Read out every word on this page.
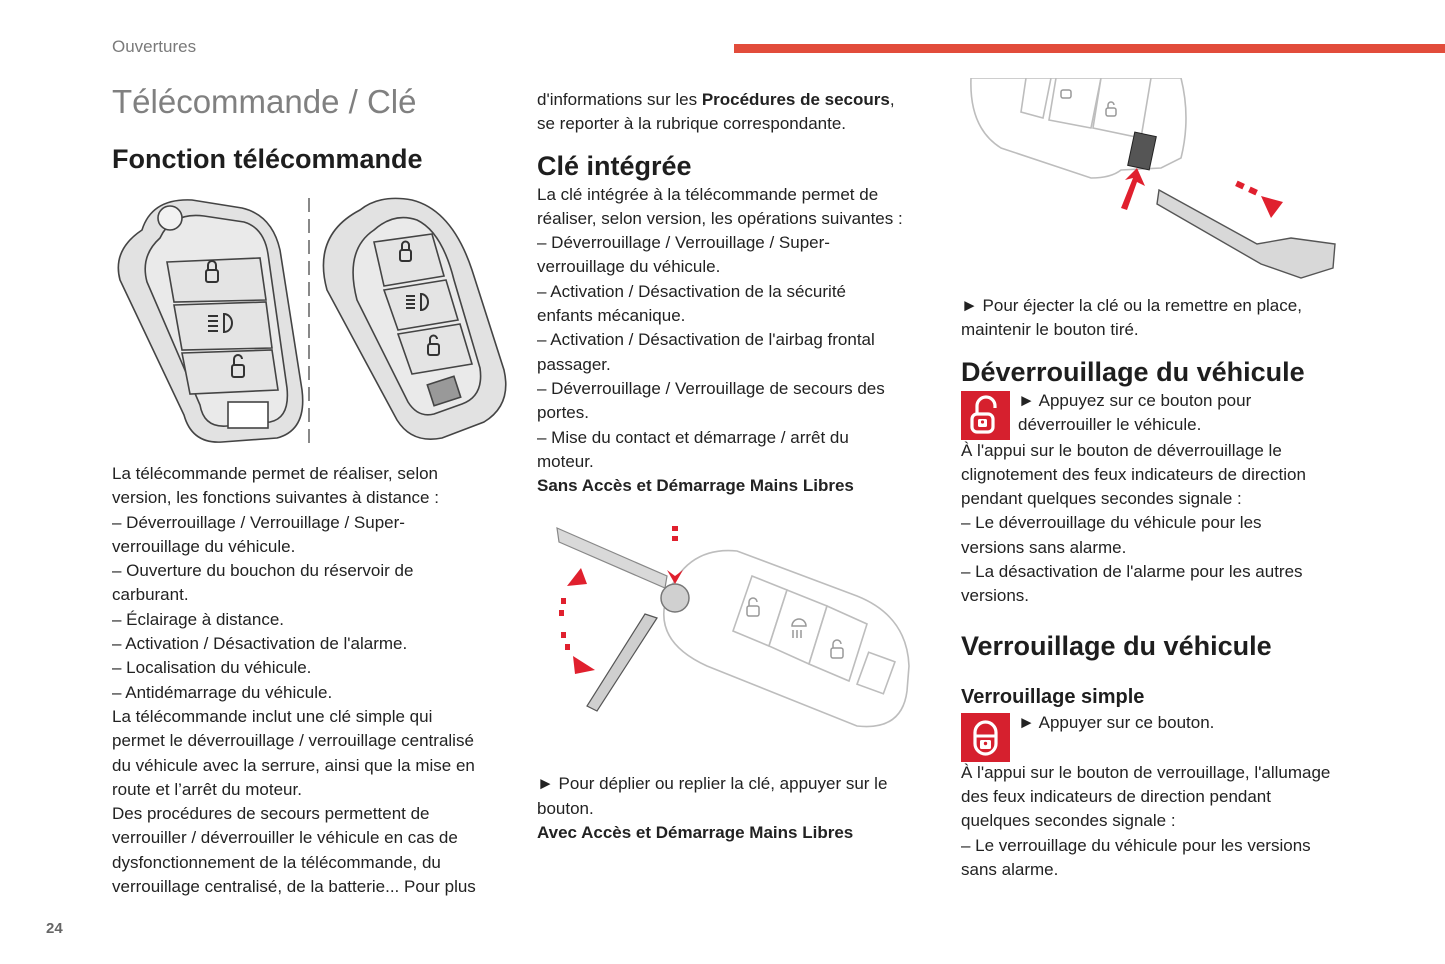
Ouvertures
Télécommande / Clé
Fonction télécommande

La télécommande permet de réaliser, selon

version, les fonctions suivantes à distance :

– Déverrouillage / Verrouillage / Super-

verrouillage du véhicule.

– Ouverture du bouchon du réservoir de

carburant.

– Éclairage à distance.

– Activation / Désactivation de l'alarme.

– Localisation du véhicule.

– Antidémarrage du véhicule.

La télécommande inclut une clé simple qui

permet le déverrouillage / verrouillage centralisé

du véhicule avec la serrure, ainsi que la mise en

route et l’arrêt du moteur.

Des procédures de secours permettent de

verrouiller / déverrouiller le véhicule en cas de

dysfonctionnement de la télécommande, du

verrouillage centralisé, de la batterie... Pour plus

d'informations sur les Procédures de secours,

se reporter à la rubrique correspondante.

Clé intégrée

La clé intégrée à la télécommande permet de

réaliser, selon version, les opérations suivantes :

– Déverrouillage / Verrouillage / Super-

verrouillage du véhicule.

– Activation / Désactivation de la sécurité

enfants mécanique.

– Activation / Désactivation de l'airbag frontal

passager.

– Déverrouillage / Verrouillage de secours des

portes.

– Mise du contact et démarrage / arrêt du

moteur.

Sans Accès et Démarrage Mains Libres

► Pour déplier ou replier la clé, appuyer sur le

bouton.

Avec Accès et Démarrage Mains Libres

► Pour éjecter la clé ou la remettre en place,

maintenir le bouton tiré.

Déverrouillage du véhicule

► Appuyez sur ce bouton pour

déverrouiller le véhicule.

À l'appui sur le bouton de déverrouillage le

clignotement des feux indicateurs de direction

pendant quelques secondes signale :

– Le déverrouillage du véhicule pour les

versions sans alarme.

– La désactivation de l'alarme pour les autres

versions.

Verrouillage du véhicule
Verrouillage simple

► Appuyer sur ce bouton.

À l'appui sur le bouton de verrouillage, l'allumage

des feux indicateurs de direction pendant

quelques secondes signale :

– Le verrouillage du véhicule pour les versions

sans alarme.

24
